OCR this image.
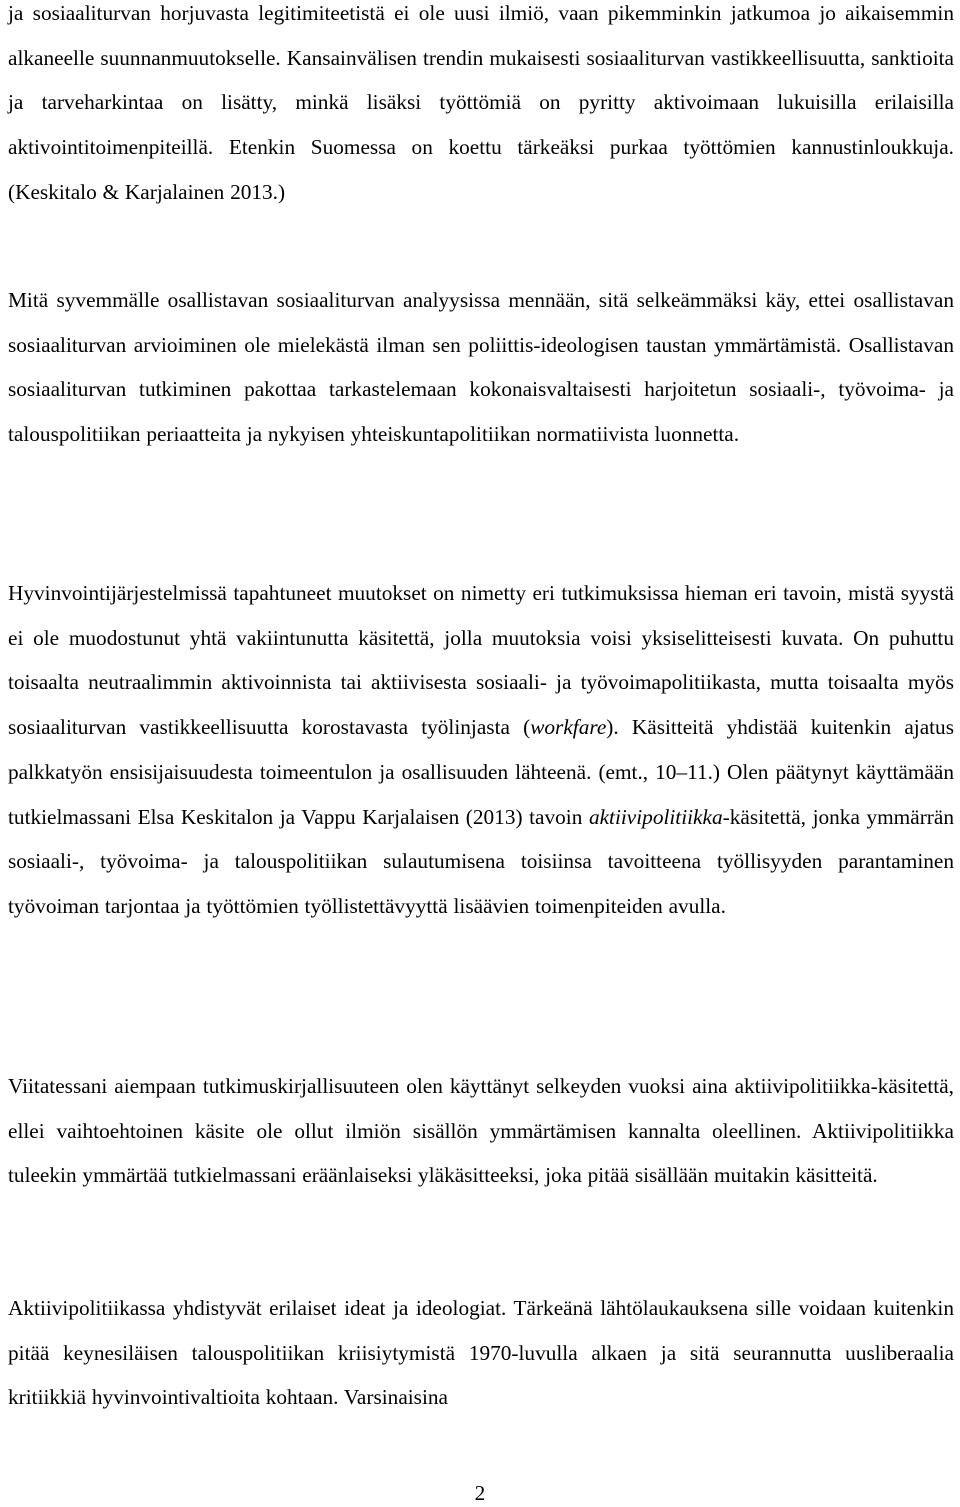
ja sosiaaliturvan horjuvasta legitimiteetistä ei ole uusi ilmiö, vaan pikemminkin jatkumoa jo aikaisemmin alkaneelle suunnanmuutokselle. Kansainvälisen trendin mukaisesti sosiaaliturvan vastikkeellisuutta, sanktioita ja tarveharkintaa on lisätty, minkä lisäksi työttömiä on pyritty aktivoimaan lukuisilla erilaisilla aktivointitoimenpiteillä. Etenkin Suomessa on koettu tärkeäksi purkaa työttömien kannustinloukkuja. (Keskitalo & Karjalainen 2013.)

Mitä syvemmälle osallistavan sosiaaliturvan analyysissa mennään, sitä selkeämmäksi käy, ettei osallistavan sosiaaliturvan arvioiminen ole mielekästä ilman sen poliittis-ideologisen taustan ymmärtämistä. Osallistavan sosiaaliturvan tutkiminen pakottaa tarkastelemaan kokonaisvaltaisesti harjoitetun sosiaali-, työvoima- ja talouspolitiikan periaatteita ja nykyisen yhteiskuntapolitiikan normatiivista luonnetta.

Hyvinvointijärjestelmissä tapahtuneet muutokset on nimetty eri tutkimuksissa hieman eri tavoin, mistä syystä ei ole muodostunut yhtä vakiintunutta käsitettä, jolla muutoksia voisi yksiselitteisesti kuvata. On puhuttu toisaalta neutraalimmin aktivoinnista tai aktiivisesta sosiaali- ja työvoimapolitiikasta, mutta toisaalta myös sosiaaliturvan vastikkeellisuutta korostavasta työlinjasta (workfare). Käsitteitä yhdistää kuitenkin ajatus palkkatyön ensisijaisuudesta toimeentulon ja osallisuuden lähteenä. (emt., 10–11.) Olen päätynyt käyttämään tutkielmassani Elsa Keskitalon ja Vappu Karjalaisen (2013) tavoin aktiivipolitiikka-käsitettä, jonka ymmärrän sosiaali-, työvoima- ja talouspolitiikan sulautumisena toisiinsa tavoitteena työllisyyden parantaminen työvoiman tarjontaa ja työttömien työllistettävyyttä lisäävien toimenpiteiden avulla.

Viitatessani aiempaan tutkimuskirjallisuuteen olen käyttänyt selkeyden vuoksi aina aktiivipolitiikka-käsitettä, ellei vaihtoehtoinen käsite ole ollut ilmiön sisällön ymmärtämisen kannalta oleellinen. Aktiivipolitiikka tuleekin ymmärtää tutkielmassani eräänlaiseksi yläkäsitteeksi, joka pitää sisällään muitakin käsitteitä.

Aktiivipolitiikassa yhdistyvät erilaiset ideat ja ideologiat. Tärkeänä lähtölaukauksena sille voidaan kuitenkin pitää keynesiläisen talouspolitiikan kriisiytymistä 1970-luvulla alkaen ja sitä seurannutta uusliberaalia kritiikkiä hyvinvointivaltioita kohtaan. Varsinaisina

2
